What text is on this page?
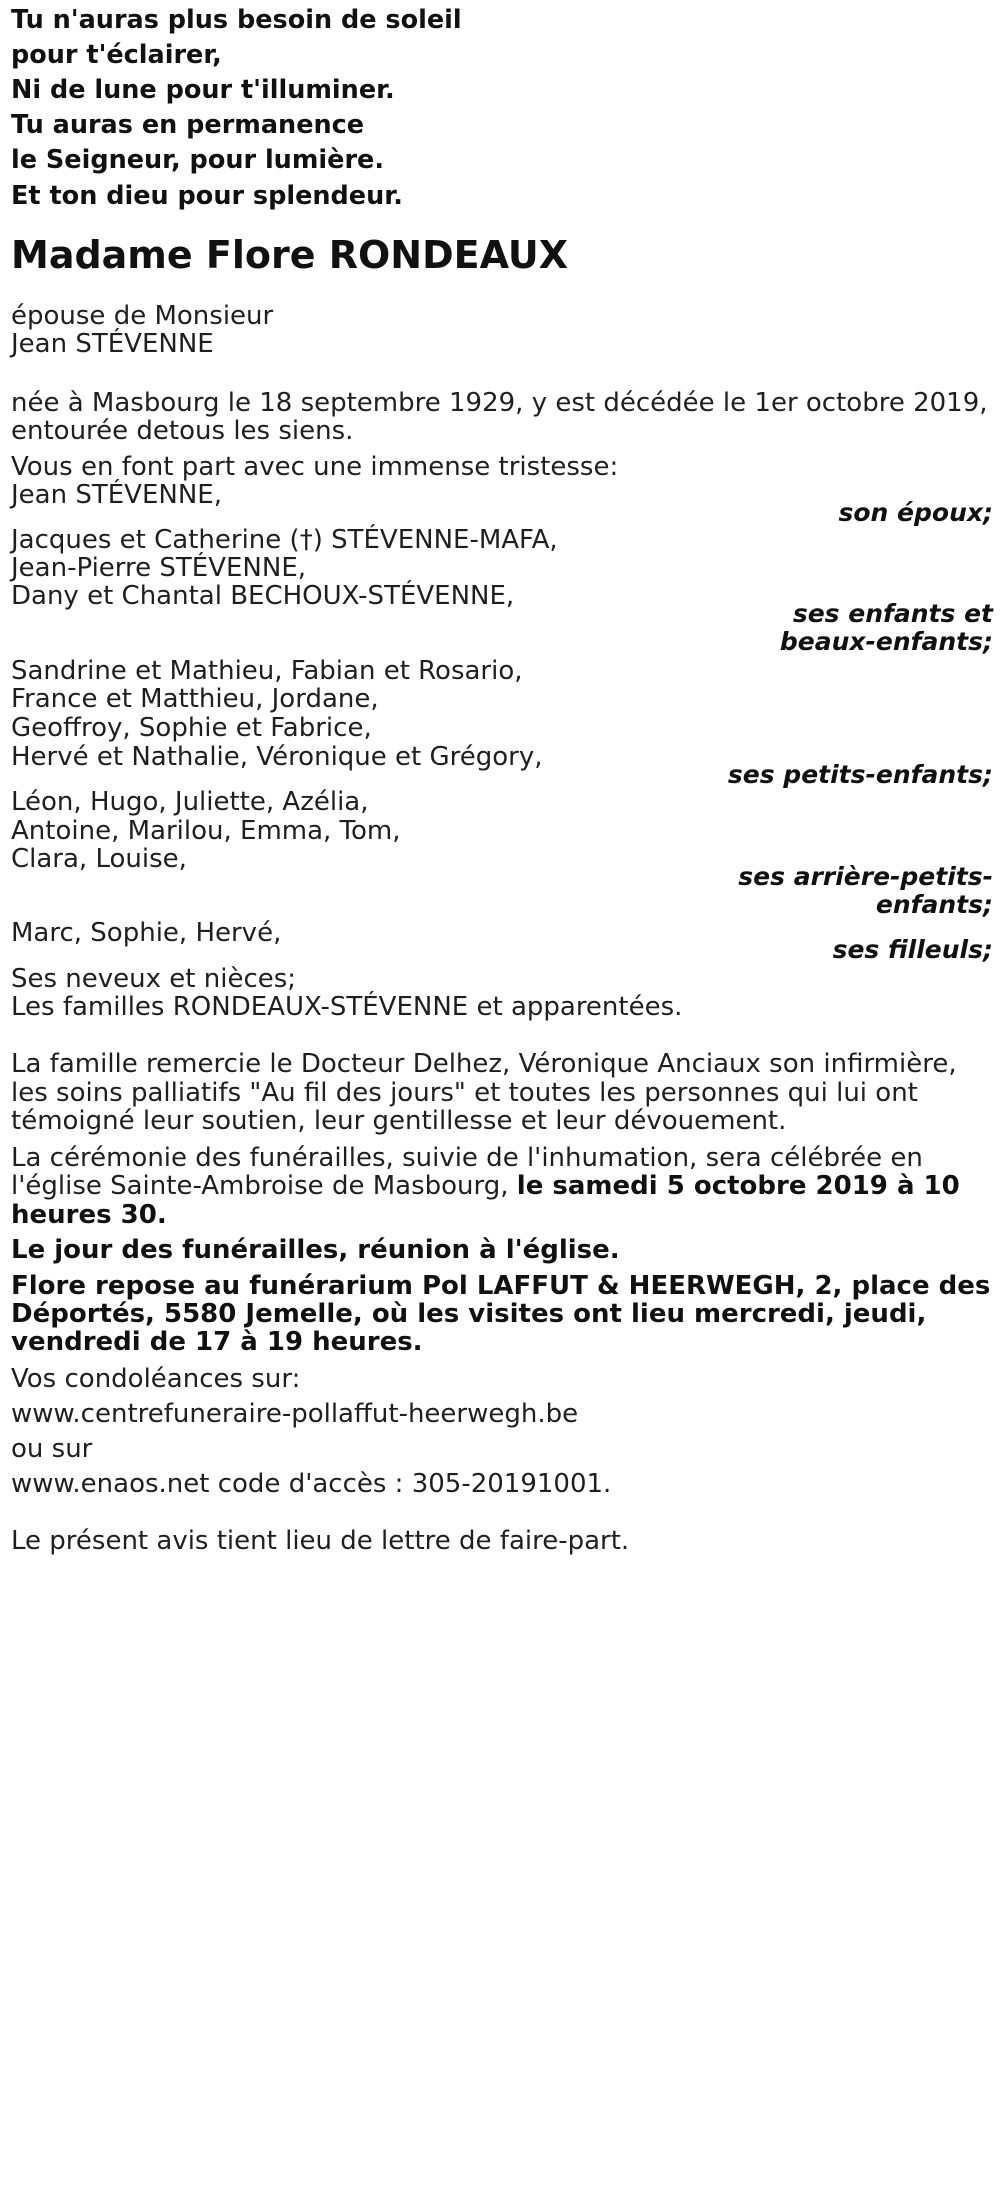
Tu n'auras plus besoin de soleil
pour t'éclairer,
Ni de lune pour t'illuminer.
Tu auras en permanence
le Seigneur, pour lumière.
Et ton dieu pour splendeur.
Madame Flore RONDEAUX
épouse de Monsieur
Jean STÉVENNE
née à Masbourg le 18 septembre 1929, y est décédée le 1er octobre 2019,
entourée detous les siens.
Vous en font part avec une immense tristesse:
Jean STÉVENNE,
son époux;
Jacques et Catherine (†) STÉVENNE-MAFA,
Jean-Pierre STÉVENNE,
Dany et Chantal BECHOUX-STÉVENNE,
ses enfants et
beaux-enfants;
Sandrine et Mathieu, Fabian et Rosario,
France et Matthieu, Jordane,
Geoffroy, Sophie et Fabrice,
Hervé et Nathalie, Véronique et Grégory,
ses petits-enfants;
Léon, Hugo, Juliette, Azélia,
Antoine, Marilou, Emma, Tom,
Clara, Louise,
ses arrière-petits-
enfants;
Marc, Sophie, Hervé,
ses filleuls;
Ses neveux et nièces;
Les familles RONDEAUX-STÉVENNE et apparentées.
La famille remercie le Docteur Delhez, Véronique Anciaux son infirmière,
les soins palliatifs "Au fil des jours" et toutes les personnes qui lui ont
témoigné leur soutien, leur gentillesse et leur dévouement.
La cérémonie des funérailles, suivie de l'inhumation, sera célébrée en
l'église Sainte-Ambroise de Masbourg, le samedi 5 octobre 2019 à 10
heures 30.
Le jour des funérailles, réunion à l'église.
Flore repose au funérarium Pol LAFFUT & HEERWEGH, 2, place des
Déportés, 5580 Jemelle, où les visites ont lieu mercredi, jeudi,
vendredi de 17 à 19 heures.
Vos condoléances sur:
www.centrefuneraire-pollaffut-heerwegh.be
ou sur
www.enaos.net code d'accès : 305-20191001.
Le présent avis tient lieu de lettre de faire-part.
